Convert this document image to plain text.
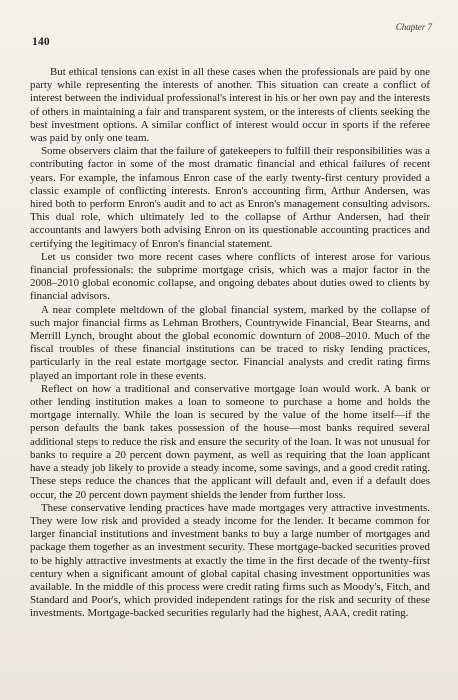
Chapter 7
140

But ethical tensions can exist in all these cases when the professionals are paid by one party while representing the interests of another. This situation can create a conflict of interest between the individual professional's interest in his or her own pay and the interests of others in maintaining a fair and transparent system, or the interests of clients seeking the best investment options. A similar conflict of interest would occur in sports if the referee was paid by only one team.

Some observers claim that the failure of gatekeepers to fulfill their responsibilities was a contributing factor in some of the most dramatic financial and ethical failures of recent years. For example, the infamous Enron case of the early twenty-first century provided a classic example of conflicting interests. Enron's accounting firm, Arthur Andersen, was hired both to perform Enron's audit and to act as Enron's management consulting advisors. This dual role, which ultimately led to the collapse of Arthur Andersen, had their accountants and lawyers both advising Enron on its questionable accounting practices and certifying the legitimacy of Enron's financial statement.

Let us consider two more recent cases where conflicts of interest arose for various financial professionals: the subprime mortgage crisis, which was a major factor in the 2008–2010 global economic collapse, and ongoing debates about duties owed to clients by financial advisors.

A near complete meltdown of the global financial system, marked by the collapse of such major financial firms as Lehman Brothers, Countrywide Financial, Bear Stearns, and Merrill Lynch, brought about the global economic downturn of 2008–2010. Much of the fiscal troubles of these financial institutions can be traced to risky lending practices, particularly in the real estate mortgage sector. Financial analysts and credit rating firms played an important role in these events.

Reflect on how a traditional and conservative mortgage loan would work. A bank or other lending institution makes a loan to someone to purchase a home and holds the mortgage internally. While the loan is secured by the value of the home itself—if the person defaults the bank takes possession of the house—most banks required several additional steps to reduce the risk and ensure the security of the loan. It was not unusual for banks to require a 20 percent down payment, as well as requiring that the loan applicant have a steady job likely to provide a steady income, some savings, and a good credit rating. These steps reduce the chances that the applicant will default and, even if a default does occur, the 20 percent down payment shields the lender from further loss.

These conservative lending practices have made mortgages very attractive investments. They were low risk and provided a steady income for the lender. It became common for larger financial institutions and investment banks to buy a large number of mortgages and package them together as an investment security. These mortgage-backed securities proved to be highly attractive investments at exactly the time in the first decade of the twenty-first century when a significant amount of global capital chasing investment opportunities was available. In the middle of this process were credit rating firms such as Moody's, Fitch, and Standard and Poor's, which provided independent ratings for the risk and security of these investments. Mortgage-backed securities regularly had the highest, AAA, credit rating.
